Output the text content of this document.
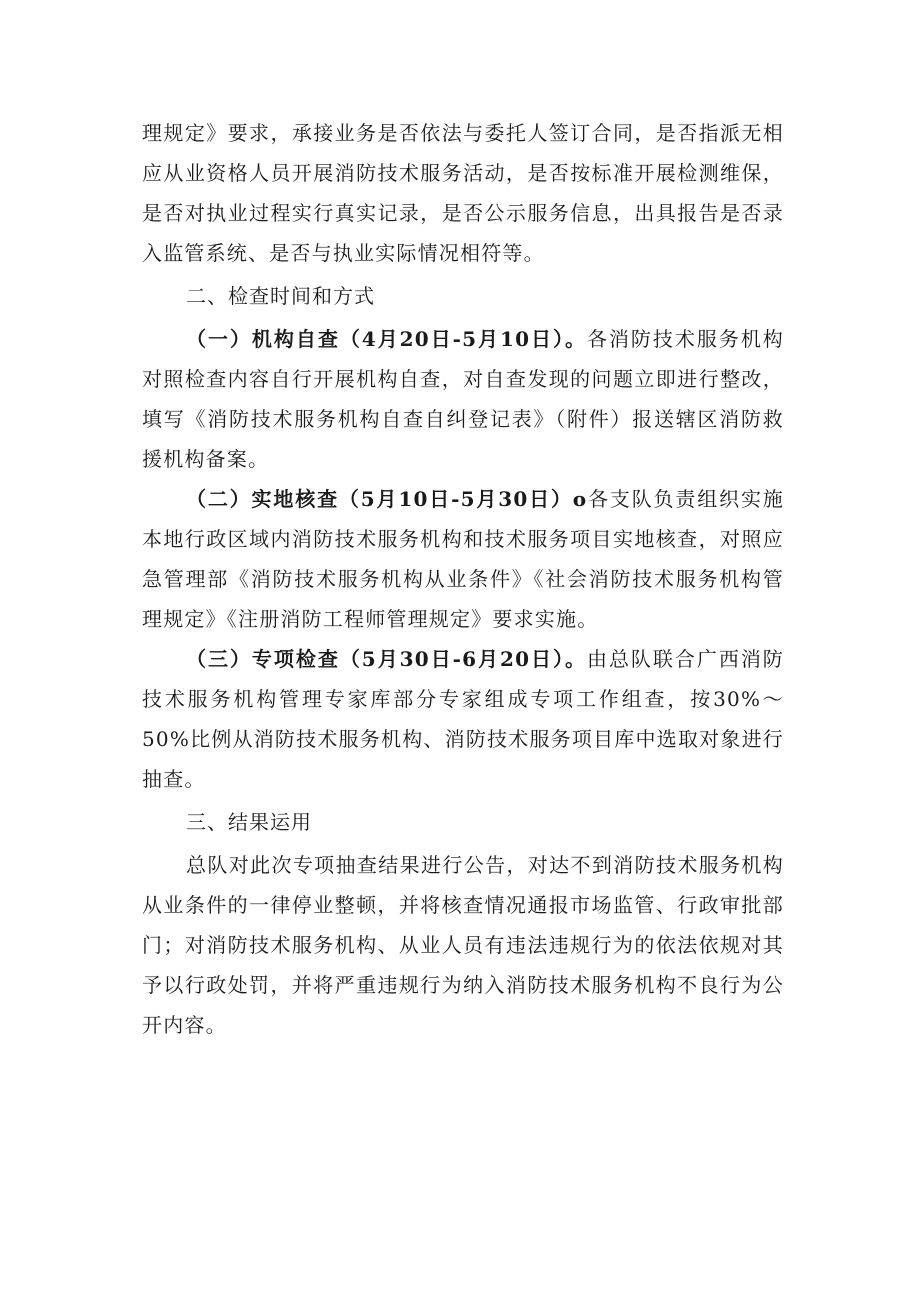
理规定》要求，承接业务是否依法与委托人签订合同，是否指派无相应从业资格人员开展消防技术服务活动，是否按标准开展检测维保，是否对执业过程实行真实记录，是否公示服务信息，出具报告是否录入监管系统、是否与执业实际情况相符等。

二、检查时间和方式

（一）机构自查（4月20日-5月10日）。各消防技术服务机构对照检查内容自行开展机构自查，对自查发现的问题立即进行整改，填写《消防技术服务机构自查自纠登记表》（附件）报送辖区消防救援机构备案。

（二）实地核查（5月10日-5月30日）o各支队负责组织实施本地行政区域内消防技术服务机构和技术服务项目实地核查，对照应急管理部《消防技术服务机构从业条件》《社会消防技术服务机构管理规定》《注册消防工程师管理规定》要求实施。

（三）专项检查（5月30日-6月20日）。由总队联合广西消防技术服务机构管理专家库部分专家组成专项工作组查，按30%～50%比例从消防技术服务机构、消防技术服务项目库中选取对象进行抽查。

三、结果运用

总队对此次专项抽查结果进行公告，对达不到消防技术服务机构从业条件的一律停业整顿，并将核查情况通报市场监管、行政审批部门；对消防技术服务机构、从业人员有违法违规行为的依法依规对其予以行政处罚，并将严重违规行为纳入消防技术服务机构不良行为公开内容。
